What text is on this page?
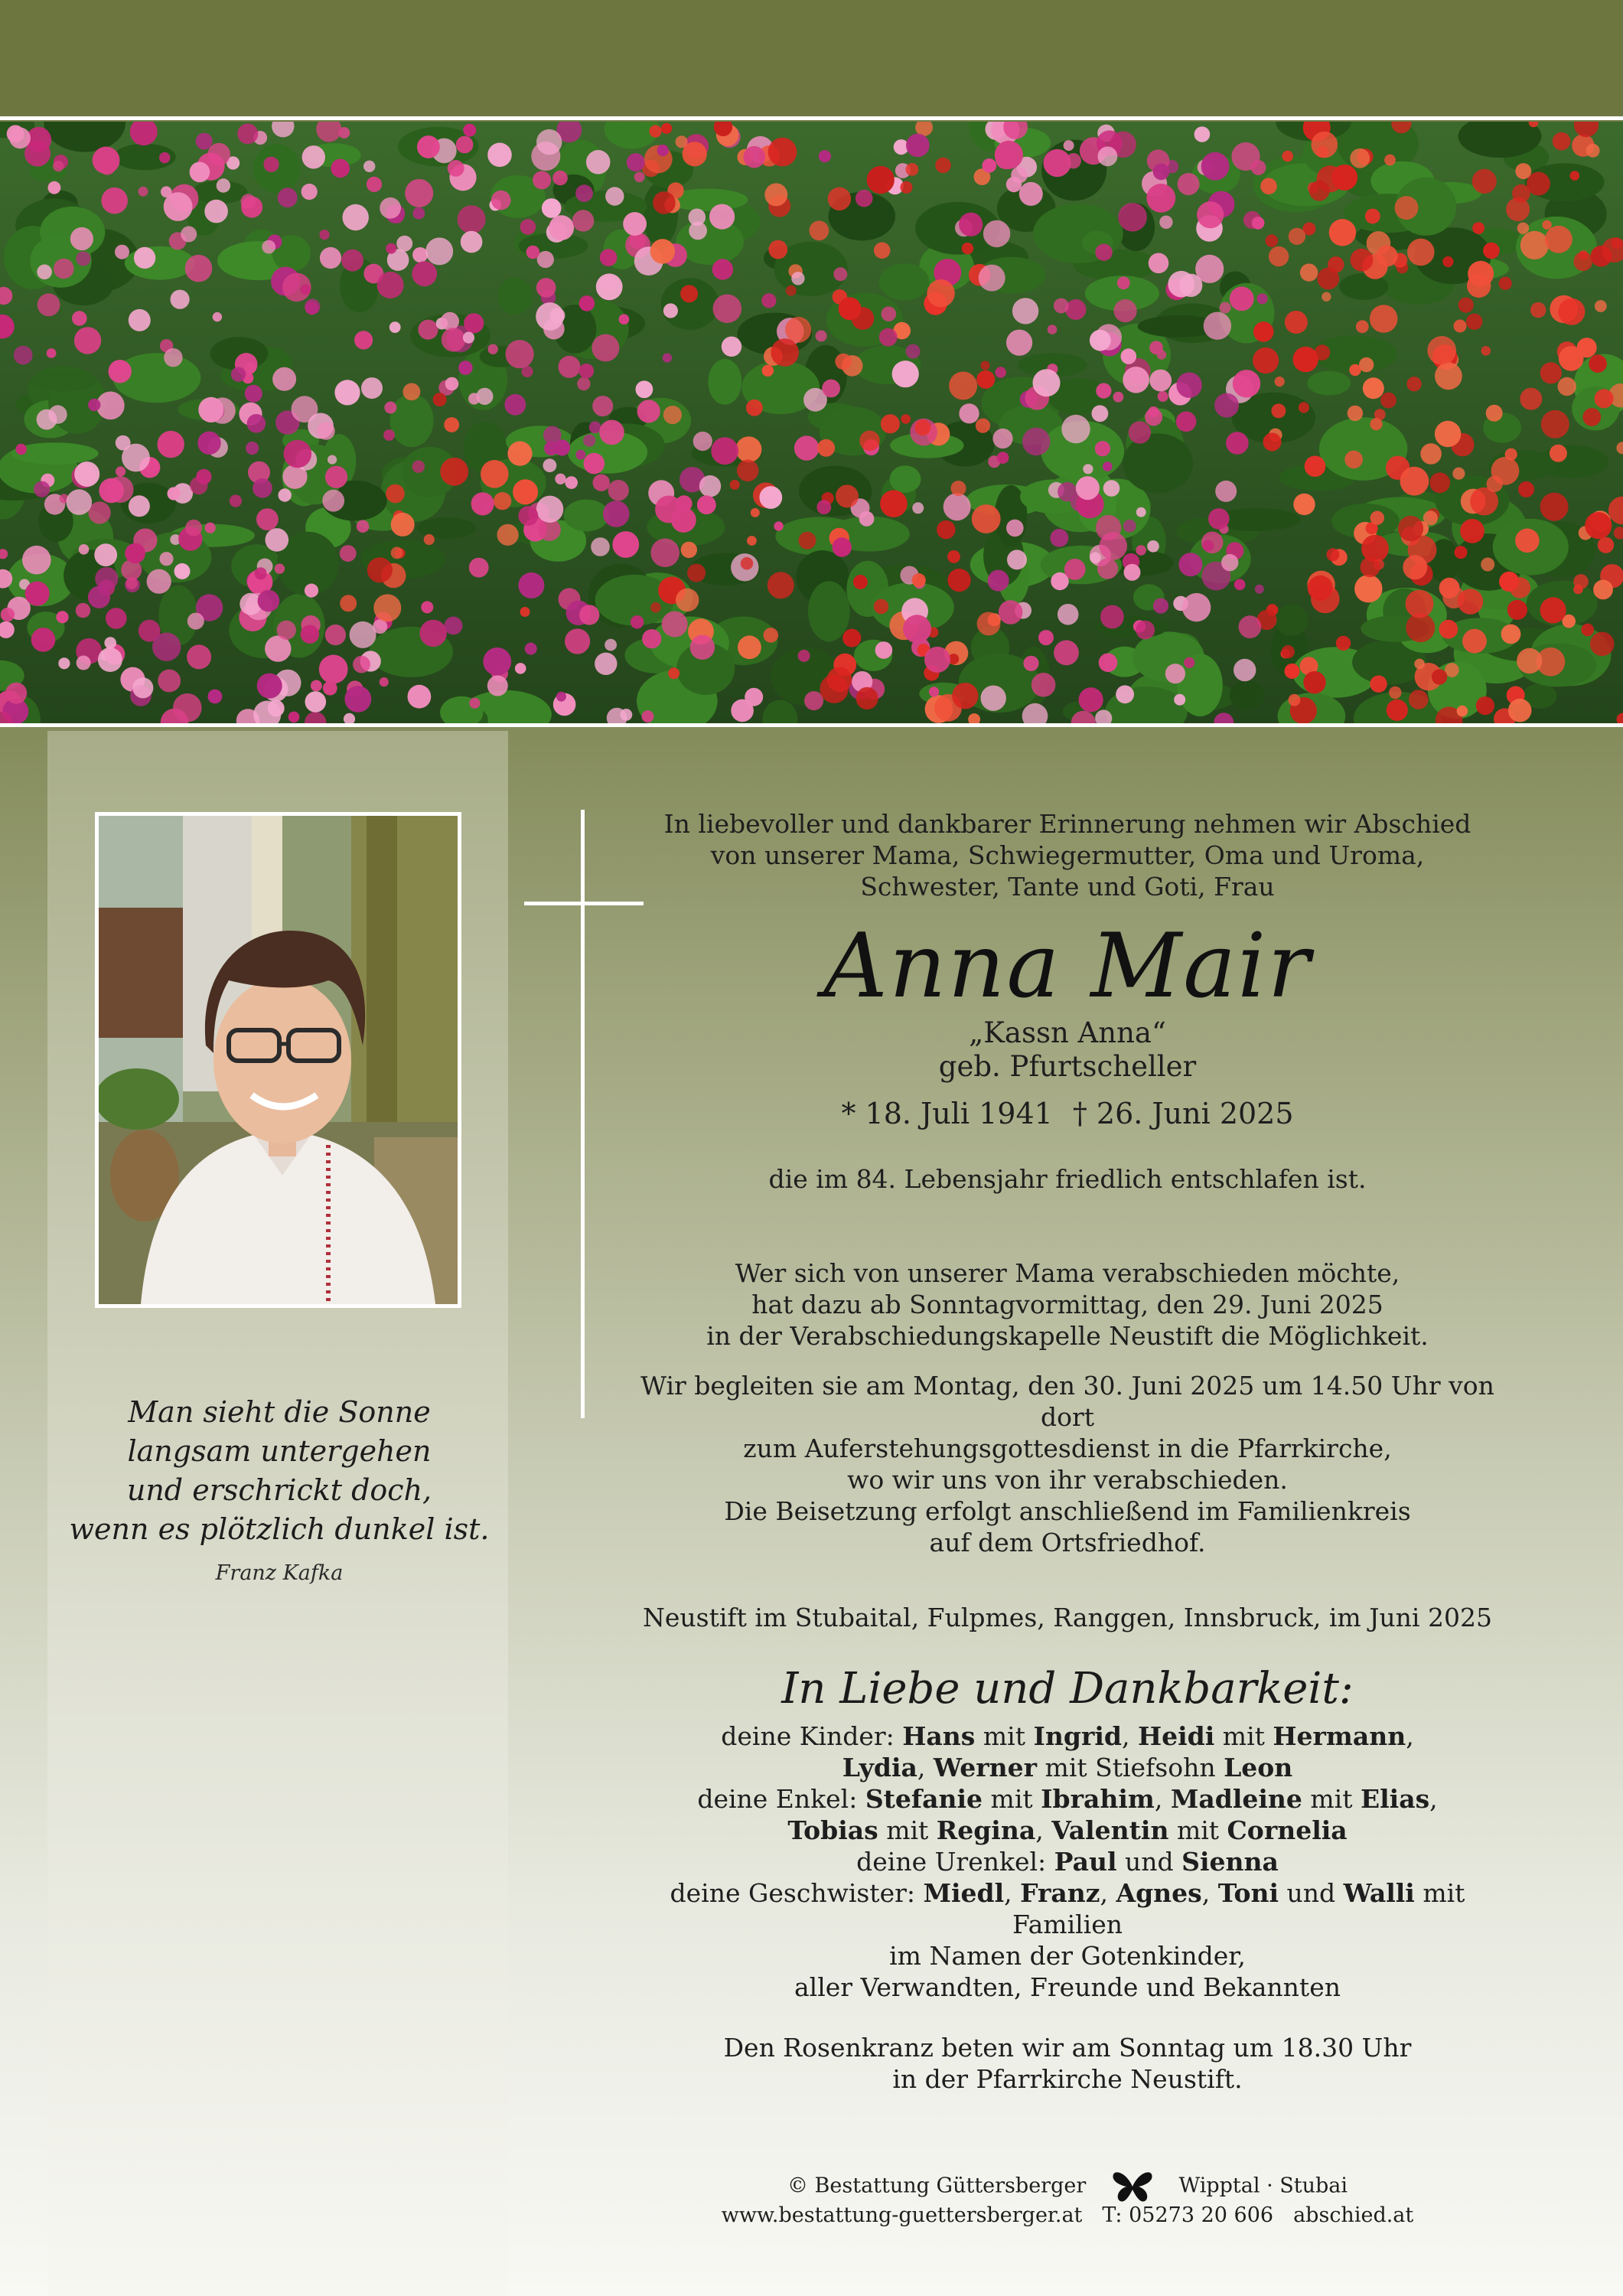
Man sieht die Sonne
langsam untergehen
und erschrickt doch,
wenn es plötzlich dunkel ist.
Franz Kafka
In liebevoller und dankbarer Erinnerung nehmen wir Abschied
von unserer Mama, Schwiegermutter, Oma und Uroma,
Schwester, Tante und Goti, Frau
Anna Mair
„Kassn Anna“
geb. Pfurtscheller
* 18. Juli 1941 † 26. Juni 2025
die im 84. Lebensjahr friedlich entschlafen ist.
Wer sich von unserer Mama verabschieden möchte,
hat dazu ab Sonntagvormittag, den 29. Juni 2025
in der Verabschiedungskapelle Neustift die Möglichkeit.
Wir begleiten sie am Montag, den 30. Juni 2025 um 14.50 Uhr von dort
zum Auferstehungsgottesdienst in die Pfarrkirche,
wo wir uns von ihr verabschieden.
Die Beisetzung erfolgt anschließend im Familienkreis
auf dem Ortsfriedhof.
Neustift im Stubaital, Fulpmes, Ranggen, Innsbruck, im Juni 2025
In Liebe und Dankbarkeit:
deine Kinder: Hans mit Ingrid, Heidi mit Hermann,
Lydia, Werner mit Stiefsohn Leon
deine Enkel: Stefanie mit Ibrahim, Madleine mit Elias,
Tobias mit Regina, Valentin mit Cornelia
deine Urenkel: Paul und Sienna
deine Geschwister: Miedl, Franz, Agnes, Toni und Walli mit Familien
im Namen der Gotenkinder,
aller Verwandten, Freunde und Bekannten
Den Rosenkranz beten wir am Sonntag um 18.30 Uhr
in der Pfarrkirche Neustift.
© Bestattung Güttersberger	Wipptal · Stubai
www.bestattung-guettersberger.at T: 05273 20 606 abschied.at
